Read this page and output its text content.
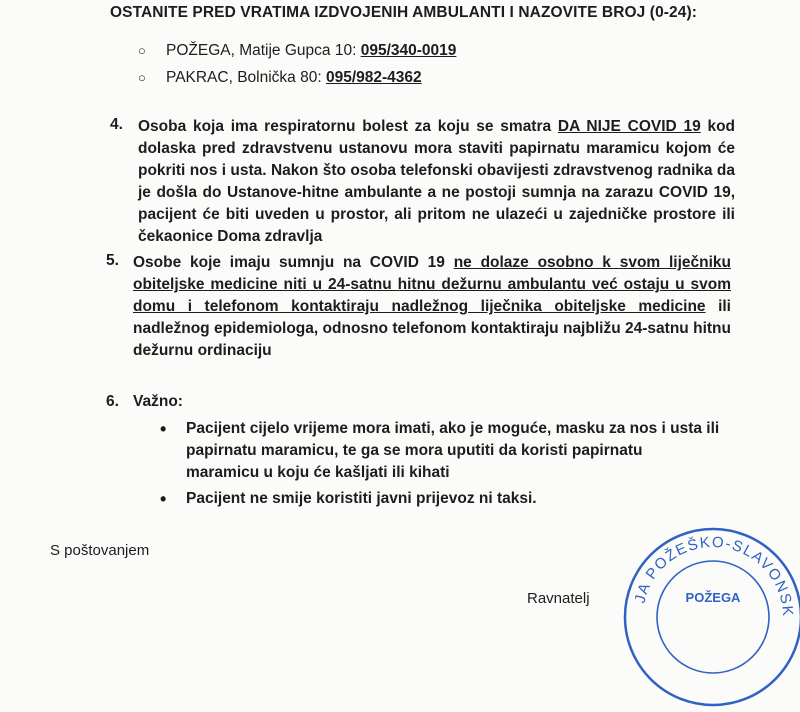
OSTANITE PRED VRATIMA IZDVOJENIH AMBULANTI I NAZOVITE BROJ (0-24):
○ POŽEGA, Matije Gupca 10: 095/340-0019
○ PAKRAC, Bolnička 80: 095/982-4362
4. Osoba koja ima respiratornu bolest za koju se smatra DA NIJE COVID 19 kod dolaska pred zdravstvenu ustanovu mora staviti papirnatu maramicu kojom će pokriti nos i usta. Nakon što osoba telefonski obavijesti zdravstvenog radnika da je došla do Ustanove-hitne ambulante a ne postoji sumnja na zarazu COVID 19, pacijent će biti uveden u prostor, ali pritom ne ulazeći u zajedničke prostore ili čekaonice Doma zdravlja
5. Osobe koje imaju sumnju na COVID 19 ne dolaze osobno k svom liječniku obiteljske medicine niti u 24-satnu hitnu dežurnu ambulantu već ostaju u svom domu i telefonom kontaktiraju nadležnog liječnika obiteljske medicine ili nadležnog epidemiologa, odnosno telefonom kontaktiraju najbližu 24-satnu hitnu dežurnu ordinaciju
6. Važno:
• Pacijent cijelo vrijeme mora imati, ako je moguće, masku za nos i usta ili papirnatu maramicu, te ga se mora uputiti da koristi papirnatu maramicu u koju će kašljati ili kihati
• Pacijent ne smije koristiti javni prijevoz ni taksi.
S poštovanjem
Ravnatelj	JA POŽEŠKO-SLAVONSK
POŽEGA
